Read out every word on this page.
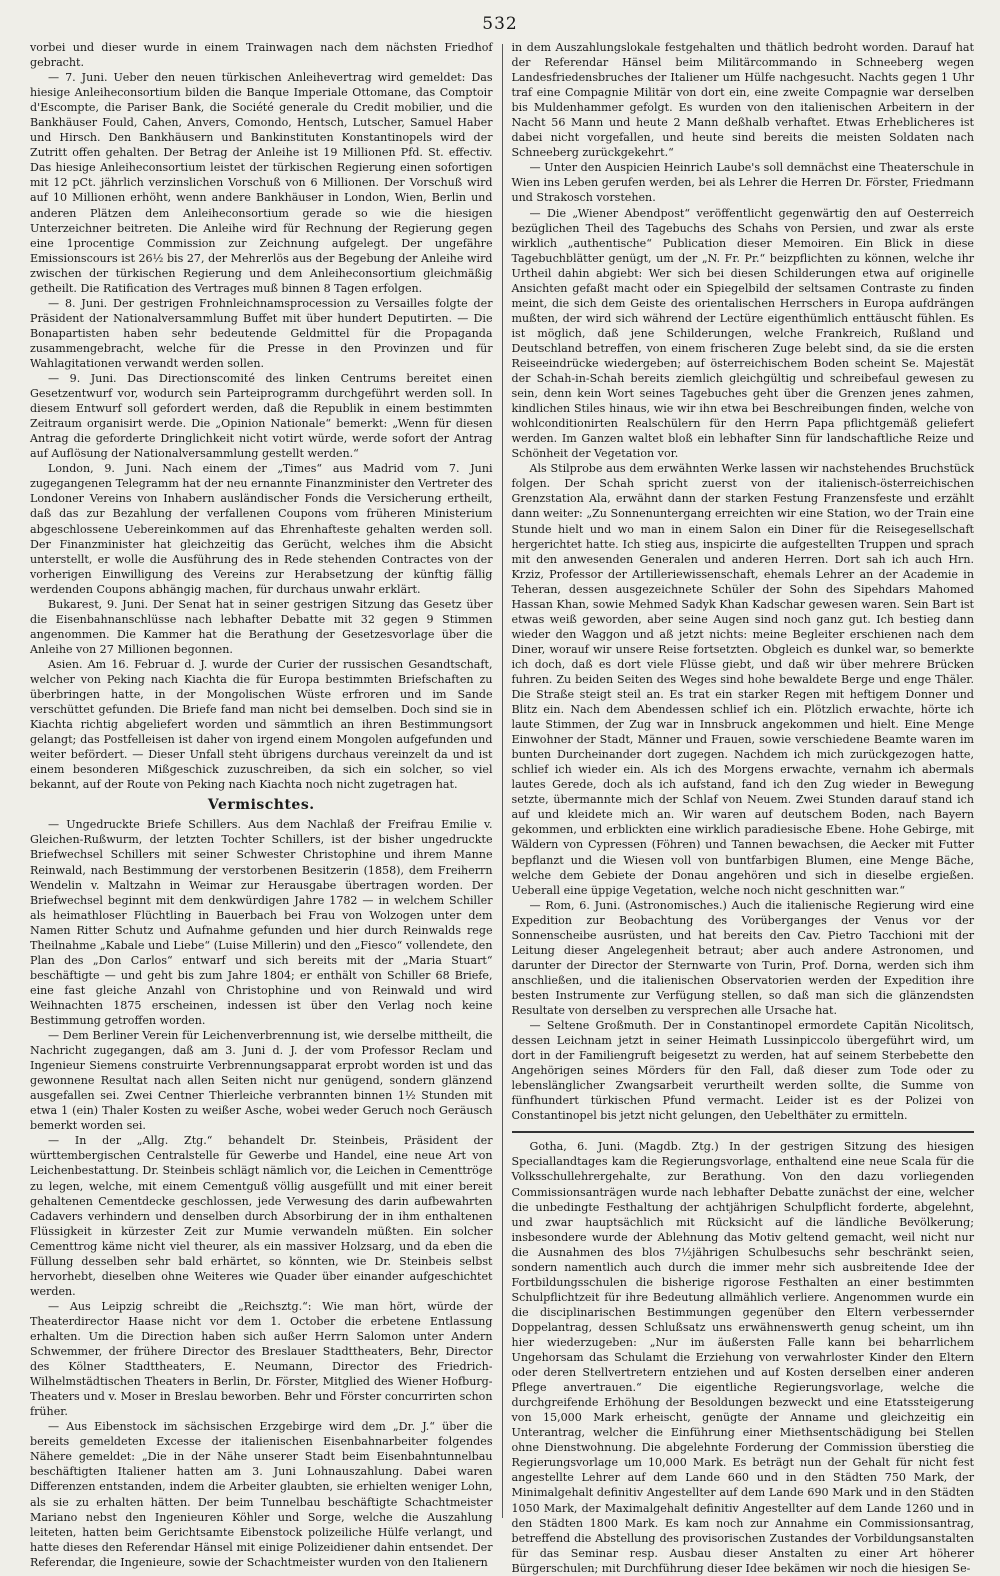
532

vorbei und dieser wurde in einem Trainwagen nach dem nächsten Friedhof gebracht.

— 7. Juni. Ueber den neuen türkischen Anleihevertrag wird gemeldet: Das hiesige Anleiheconsortium bilden die Banque Imperiale Ottomane, das Comptoir d'Escompte, die Pariser Bank, die Société generale du Credit mobilier, und die Bankhäuser Fould, Cahen, Anvers, Comondo, Hentsch, Lutscher, Samuel Haber und Hirsch. Den Bankhäusern und Bankinstituten Konstantinopels wird der Zutritt offen gehalten. Der Betrag der Anleihe ist 19 Millionen Pfd. St. effectiv. Das hiesige Anleiheconsortium leistet der türkischen Regierung einen sofortigen mit 12 pCt. jährlich verzinslichen Vorschuß von 6 Millionen. Der Vorschuß wird auf 10 Millionen erhöht, wenn andere Bankhäuser in London, Wien, Berlin und anderen Plätzen dem Anleiheconsortium gerade so wie die hiesigen Unterzeichner beitreten. Die Anleihe wird für Rechnung der Regierung gegen eine 1procentige Commission zur Zeichnung aufgelegt. Der ungefähre Emissionscours ist 26½ bis 27, der Mehrerlös aus der Begebung der Anleihe wird zwischen der türkischen Regierung und dem Anleiheconsortium gleichmäßig getheilt. Die Ratification des Vertrages muß binnen 8 Tagen erfolgen.

— 8. Juni. Der gestrigen Frohnleichnamsprocession zu Versailles folgte der Präsident der Nationalversammlung Buffet mit über hundert Deputirten. — Die Bonapartisten haben sehr bedeutende Geldmittel für die Propaganda zusammengebracht, welche für die Presse in den Provinzen und für Wahlagitationen verwandt werden sollen.

— 9. Juni. Das Directionscomité des linken Centrums bereitet einen Gesetzentwurf vor, wodurch sein Parteiprogramm durchgeführt werden soll. In diesem Entwurf soll gefordert werden, daß die Republik in einem bestimmten Zeitraum organisirt werde. Die „Opinion Nationale“ bemerkt: „Wenn für diesen Antrag die geforderte Dringlichkeit nicht votirt würde, werde sofort der Antrag auf Auflösung der Nationalversammlung gestellt werden.“

London, 9. Juni. Nach einem der „Times“ aus Madrid vom 7. Juni zugegangenen Telegramm hat der neu ernannte Finanzminister den Vertreter des Londoner Vereins von Inhabern ausländischer Fonds die Versicherung ertheilt, daß das zur Bezahlung der verfallenen Coupons vom früheren Ministerium abgeschlossene Uebereinkommen auf das Ehrenhafteste gehalten werden soll. Der Finanzminister hat gleichzeitig das Gerücht, welches ihm die Absicht unterstellt, er wolle die Ausführung des in Rede stehenden Contractes von der vorherigen Einwilligung des Vereins zur Herabsetzung der künftig fällig werdenden Coupons abhängig machen, für durchaus unwahr erklärt.

Bukarest, 9. Juni. Der Senat hat in seiner gestrigen Sitzung das Gesetz über die Eisenbahnanschlüsse nach lebhafter Debatte mit 32 gegen 9 Stimmen angenommen. Die Kammer hat die Berathung der Gesetzesvorlage über die Anleihe von 27 Millionen begonnen.

Asien. Am 16. Februar d. J. wurde der Curier der russischen Gesandtschaft, welcher von Peking nach Kiachta die für Europa bestimmten Briefschaften zu überbringen hatte, in der Mongolischen Wüste erfroren und im Sande verschüttet gefunden. Die Briefe fand man nicht bei demselben. Doch sind sie in Kiachta richtig abgeliefert worden und sämmtlich an ihren Bestimmungsort gelangt; das Postfelleisen ist daher von irgend einem Mongolen aufgefunden und weiter befördert. — Dieser Unfall steht übrigens durchaus vereinzelt da und ist einem besonderen Mißgeschick zuzuschreiben, da sich ein solcher, so viel bekannt, auf der Route von Peking nach Kiachta noch nicht zugetragen hat.

Vermischtes.

— Ungedruckte Briefe Schillers. Aus dem Nachlaß der Freifrau Emilie v. Gleichen-Rußwurm, der letzten Tochter Schillers, ist der bisher ungedruckte Briefwechsel Schillers mit seiner Schwester Christophine und ihrem Manne Reinwald, nach Bestimmung der verstorbenen Besitzerin (1858), dem Freiherrn Wendelin v. Maltzahn in Weimar zur Herausgabe übertragen worden. Der Briefwechsel beginnt mit dem denkwürdigen Jahre 1782 — in welchem Schiller als heimathloser Flüchtling in Bauerbach bei Frau von Wolzogen unter dem Namen Ritter Schutz und Aufnahme gefunden und hier durch Reinwalds rege Theilnahme „Kabale und Liebe“ (Luise Millerin) und den „Fiesco“ vollendete, den Plan des „Don Carlos“ entwarf und sich bereits mit der „Maria Stuart“ beschäftigte — und geht bis zum Jahre 1804; er enthält von Schiller 68 Briefe, eine fast gleiche Anzahl von Christophine und von Reinwald und wird Weihnachten 1875 erscheinen, indessen ist über den Verlag noch keine Bestimmung getroffen worden.

— Dem Berliner Verein für Leichenverbrennung ist, wie derselbe mittheilt, die Nachricht zugegangen, daß am 3. Juni d. J. der vom Professor Reclam und Ingenieur Siemens construirte Verbrennungsapparat erprobt worden ist und das gewonnene Resultat nach allen Seiten nicht nur genügend, sondern glänzend ausgefallen sei. Zwei Centner Thierleiche verbrannten binnen 1½ Stunden mit etwa 1 (ein) Thaler Kosten zu weißer Asche, wobei weder Geruch noch Geräusch bemerkt worden sei.

— In der „Allg. Ztg.“ behandelt Dr. Steinbeis, Präsident der württembergischen Centralstelle für Gewerbe und Handel, eine neue Art von Leichenbestattung. Dr. Steinbeis schlägt nämlich vor, die Leichen in Cementtröge zu legen, welche, mit einem Cementguß völlig ausgefüllt und mit einer bereit gehaltenen Cementdecke geschlossen, jede Verwesung des darin aufbewahrten Cadavers verhindern und denselben durch Absorbirung der in ihm enthaltenen Flüssigkeit in kürzester Zeit zur Mumie verwandeln müßten. Ein solcher Cementtrog käme nicht viel theurer, als ein massiver Holzsarg, und da eben die Füllung desselben sehr bald erhärtet, so könnten, wie Dr. Steinbeis selbst hervorhebt, dieselben ohne Weiteres wie Quader über einander aufgeschichtet werden.

— Aus Leipzig schreibt die „Reichsztg.“: Wie man hört, würde der Theaterdirector Haase nicht vor dem 1. October die erbetene Entlassung erhalten. Um die Direction haben sich außer Herrn Salomon unter Andern Schwemmer, der frühere Director des Breslauer Stadttheaters, Behr, Director des Kölner Stadttheaters, E. Neumann, Director des Friedrich-Wilhelmstädtischen Theaters in Berlin, Dr. Förster, Mitglied des Wiener Hofburg-Theaters und v. Moser in Breslau beworben. Behr und Förster concurrirten schon früher.

— Aus Eibenstock im sächsischen Erzgebirge wird dem „Dr. J.“ über die bereits gemeldeten Excesse der italienischen Eisenbahnarbeiter folgendes Nähere gemeldet: „Die in der Nähe unserer Stadt beim Eisenbahntunnelbau beschäftigten Italiener hatten am 3. Juni Lohnauszahlung. Dabei waren Differenzen entstanden, indem die Arbeiter glaubten, sie erhielten weniger Lohn, als sie zu erhalten hätten. Der beim Tunnelbau beschäftigte Schachtmeister Mariano nebst den Ingenieuren Köhler und Sorge, welche die Auszahlung leiteten, hatten beim Gerichtsamte Eibenstock polizeiliche Hülfe verlangt, und hatte dieses den Referendar Hänsel mit einige Polizeidiener dahin entsendet. Der Referendar, die Ingenieure, sowie der Schachtmeister wurden von den Italienern

in dem Auszahlungslokale festgehalten und thätlich bedroht worden. Darauf hat der Referendar Hänsel beim Militärcommando in Schneeberg wegen Landesfriedensbruches der Italiener um Hülfe nachgesucht. Nachts gegen 1 Uhr traf eine Compagnie Militär von dort ein, eine zweite Compagnie war derselben bis Muldenhammer gefolgt. Es wurden von den italienischen Arbeitern in der Nacht 56 Mann und heute 2 Mann deßhalb verhaftet. Etwas Erheblicheres ist dabei nicht vorgefallen, und heute sind bereits die meisten Soldaten nach Schneeberg zurückgekehrt.“

— Unter den Auspicien Heinrich Laube's soll demnächst eine Theaterschule in Wien ins Leben gerufen werden, bei als Lehrer die Herren Dr. Förster, Friedmann und Strakosch vorstehen.

— Die „Wiener Abendpost“ veröffentlicht gegenwärtig den auf Oesterreich bezüglichen Theil des Tagebuchs des Schahs von Persien, und zwar als erste wirklich „authentische“ Publication dieser Memoiren. Ein Blick in diese Tagebuchblätter genügt, um der „N. Fr. Pr.“ beizpflichten zu können, welche ihr Urtheil dahin abgiebt: Wer sich bei diesen Schilderungen etwa auf originelle Ansichten gefaßt macht oder ein Spiegelbild der seltsamen Contraste zu finden meint, die sich dem Geiste des orientalischen Herrschers in Europa aufdrängen mußten, der wird sich während der Lectüre eigenthümlich enttäuscht fühlen. Es ist möglich, daß jene Schilderungen, welche Frankreich, Rußland und Deutschland betreffen, von einem frischeren Zuge belebt sind, da sie die ersten Reiseeindrücke wiedergeben; auf österreichischem Boden scheint Se. Majestät der Schah-in-Schah bereits ziemlich gleichgültig und schreibefaul gewesen zu sein, denn kein Wort seines Tagebuches geht über die Grenzen jenes zahmen, kindlichen Stiles hinaus, wie wir ihn etwa bei Beschreibungen finden, welche von wohlconditionirten Realschülern für den Herrn Papa pflichtgemäß geliefert werden. Im Ganzen waltet bloß ein lebhafter Sinn für landschaftliche Reize und Schönheit der Vegetation vor.

Als Stilprobe aus dem erwähnten Werke lassen wir nachstehendes Bruchstück folgen. Der Schah spricht zuerst von der italienisch-österreichischen Grenzstation Ala, erwähnt dann der starken Festung Franzensfeste und erzählt dann weiter: „Zu Sonnenuntergang erreichten wir eine Station, wo der Train eine Stunde hielt und wo man in einem Salon ein Diner für die Reisegesellschaft hergerichtet hatte. Ich stieg aus, inspicirte die aufgestellten Truppen und sprach mit den anwesenden Generalen und anderen Herren. Dort sah ich auch Hrn. Krziz, Professor der Artilleriewissenschaft, ehemals Lehrer an der Academie in Teheran, dessen ausgezeichnete Schüler der Sohn des Sipehdars Mahomed Hassan Khan, sowie Mehmed Sadyk Khan Kadschar gewesen waren. Sein Bart ist etwas weiß geworden, aber seine Augen sind noch ganz gut. Ich bestieg dann wieder den Waggon und aß jetzt nichts: meine Begleiter erschienen nach dem Diner, worauf wir unsere Reise fortsetzten. Obgleich es dunkel war, so bemerkte ich doch, daß es dort viele Flüsse giebt, und daß wir über mehrere Brücken fuhren. Zu beiden Seiten des Weges sind hohe bewaldete Berge und enge Thäler. Die Straße steigt steil an. Es trat ein starker Regen mit heftigem Donner und Blitz ein. Nach dem Abendessen schlief ich ein. Plötzlich erwachte, hörte ich laute Stimmen, der Zug war in Innsbruck angekommen und hielt. Eine Menge Einwohner der Stadt, Männer und Frauen, sowie verschiedene Beamte waren im bunten Durcheinander dort zugegen. Nachdem ich mich zurückgezogen hatte, schlief ich wieder ein. Als ich des Morgens erwachte, vernahm ich abermals lautes Gerede, doch als ich aufstand, fand ich den Zug wieder in Bewegung setzte, übermannte mich der Schlaf von Neuem. Zwei Stunden darauf stand ich auf und kleidete mich an. Wir waren auf deutschem Boden, nach Bayern gekommen, und erblickten eine wirklich paradiesische Ebene. Hohe Gebirge, mit Wäldern von Cypressen (Föhren) und Tannen bewachsen, die Aecker mit Futter bepflanzt und die Wiesen voll von buntfarbigen Blumen, eine Menge Bäche, welche dem Gebiete der Donau angehören und sich in dieselbe ergießen. Ueberall eine üppige Vegetation, welche noch nicht geschnitten war.“

— Rom, 6. Juni. (Astronomisches.) Auch die italienische Regierung wird eine Expedition zur Beobachtung des Vorüberganges der Venus vor der Sonnenscheibe ausrüsten, und hat bereits den Cav. Pietro Tacchioni mit der Leitung dieser Angelegenheit betraut; aber auch andere Astronomen, und darunter der Director der Sternwarte von Turin, Prof. Dorna, werden sich ihm anschließen, und die italienischen Observatorien werden der Expedition ihre besten Instrumente zur Verfügung stellen, so daß man sich die glänzendsten Resultate von derselben zu versprechen alle Ursache hat.

— Seltene Großmuth. Der in Constantinopel ermordete Capitän Nicolitsch, dessen Leichnam jetzt in seiner Heimath Lussinpiccolo übergeführt wird, um dort in der Familiengruft beigesetzt zu werden, hat auf seinem Sterbebette den Angehörigen seines Mörders für den Fall, daß dieser zum Tode oder zu lebenslänglicher Zwangsarbeit verurtheilt werden sollte, die Summe von fünfhundert türkischen Pfund vermacht. Leider ist es der Polizei von Constantinopel bis jetzt nicht gelungen, den Uebelthäter zu ermitteln.

Gotha, 6. Juni. (Magdb. Ztg.) In der gestrigen Sitzung des hiesigen Speciallandtages kam die Regierungsvorlage, enthaltend eine neue Scala für die Volksschullehrergehalte, zur Berathung. Von den dazu vorliegenden Commissionsanträgen wurde nach lebhafter Debatte zunächst der eine, welcher die unbedingte Festhaltung der achtjährigen Schulpflicht forderte, abgelehnt, und zwar hauptsächlich mit Rücksicht auf die ländliche Bevölkerung; insbesondere wurde der Ablehnung das Motiv geltend gemacht, weil nicht nur die Ausnahmen des blos 7½jährigen Schulbesuchs sehr beschränkt seien, sondern namentlich auch durch die immer mehr sich ausbreitende Idee der Fortbildungsschulen die bisherige rigorose Festhalten an einer bestimmten Schulpflichtzeit für ihre Bedeutung allmählich verliere. Angenommen wurde ein die disciplinarischen Bestimmungen gegenüber den Eltern verbessernder Doppelantrag, dessen Schlußsatz uns erwähnenswerth genug scheint, um ihn hier wiederzugeben: „Nur im äußersten Falle kann bei beharrlichem Ungehorsam das Schulamt die Erziehung von verwahrloster Kinder den Eltern oder deren Stellvertretern entziehen und auf Kosten derselben einer anderen Pflege anvertrauen.“ Die eigentliche Regierungsvorlage, welche die durchgreifende Erhöhung der Besoldungen bezweckt und eine Etatssteigerung von 15,000 Mark erheischt, genügte der Anname und gleichzeitig ein Unterantrag, welcher die Einführung einer Miethsentschädigung bei Stellen ohne Dienstwohnung. Die abgelehnte Forderung der Commission überstieg die Regierungsvorlage um 10,000 Mark. Es beträgt nun der Gehalt für nicht fest angestellte Lehrer auf dem Lande 660 und in den Städten 750 Mark, der Minimalgehalt definitiv Angestellter auf dem Lande 690 Mark und in den Städten 1050 Mark, der Maximalgehalt definitiv Angestellter auf dem Lande 1260 und in den Städten 1800 Mark. Es kam noch zur Annahme ein Commissionsantrag, betreffend die Abstellung des provisorischen Zustandes der Vorbildungsanstalten für das Seminar resp. Ausbau dieser Anstalten zu einer Art höherer Bürgerschulen; mit Durchführung dieser Idee bekämen wir noch die hiesigen Se-
